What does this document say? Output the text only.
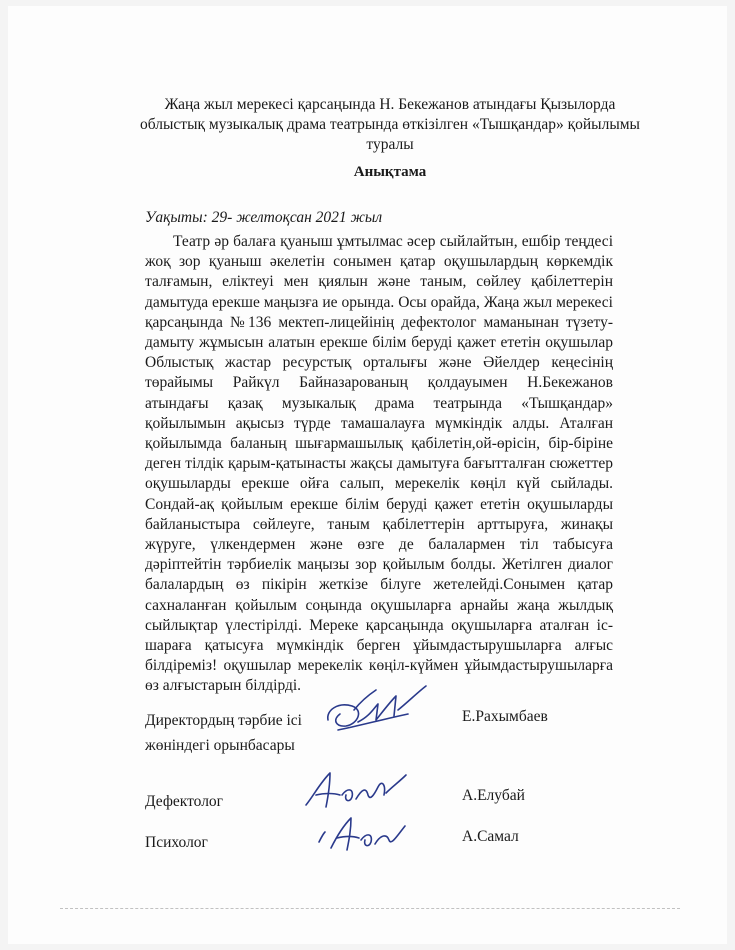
Жаңа жыл мерекесі қарсаңында Н. Бекежанов атындағы Қызылорда
облыстық музыкалық драма театрында өткізілген «Тышқандар» қойылымы
туралы
Анықтама
Уақыты: 29- желтоқсан 2021 жыл

Театр әр балаға қуаныш ұмтылмас әсер сыйлайтын, ешбір теңдесі жоқ зор қуаныш әкелетін сонымен қатар оқушылардың көркемдік талғамын, еліктеуі мен қиялын және таным, сөйлеу қабілеттерін дамытуда ерекше маңызға ие орында. Осы орайда, Жаңа жыл мерекесі қарсаңында №136 мектеп-лицейінің дефектолог маманынан түзету-дамыту жұмысын алатын ерекше білім беруді қажет ететін оқушылар Облыстық жастар ресурстық орталығы және Әйелдер кеңесінің төрайымы Райкүл Байназарованың қолдауымен Н.Бекежанов атындағы қазақ музыкалық драма театрында «Тышқандар» қойылымын ақысыз түрде тамашалауға мүмкіндік алды. Аталған қойылымда баланың шығармашылық қабілетін,ой-өрісін, бір-біріне деген тілдік қарым-қатынасты жақсы дамытуға бағытталған сюжеттер оқушыларды ерекше ойға салып, мерекелік көңіл күй сыйлады. Сондай-ақ қойылым ерекше білім беруді қажет ететін оқушыларды байланыстыра сөйлеуге, таным қабілеттерін арттыруға, жинақы жүруге, үлкендермен және өзге де балалармен тіл табысуға дәріптейтін тәрбиелік маңызы зор қойылым болды. Жетілген диалог балалардың өз пікірін жеткізе білуге жетелейді.Сонымен қатар сахналанған қойылым соңында оқушыларға арнайы жаңа жылдық сыйлықтар үлестірілді. Мереке қарсаңында оқушыларға аталған іс-шараға қатысуға мүмкіндік берген ұйымдастырушыларға алғыс білдіреміз! оқушылар мерекелік көңіл-күймен ұйымдастырушыларға өз алғыстарын білдірді.

Директордың тәрбие ісі
жөніндегі орынбасары
Е.Рахымбаев
Дефектолог	А.Елубай
Психолог	А.Самал
